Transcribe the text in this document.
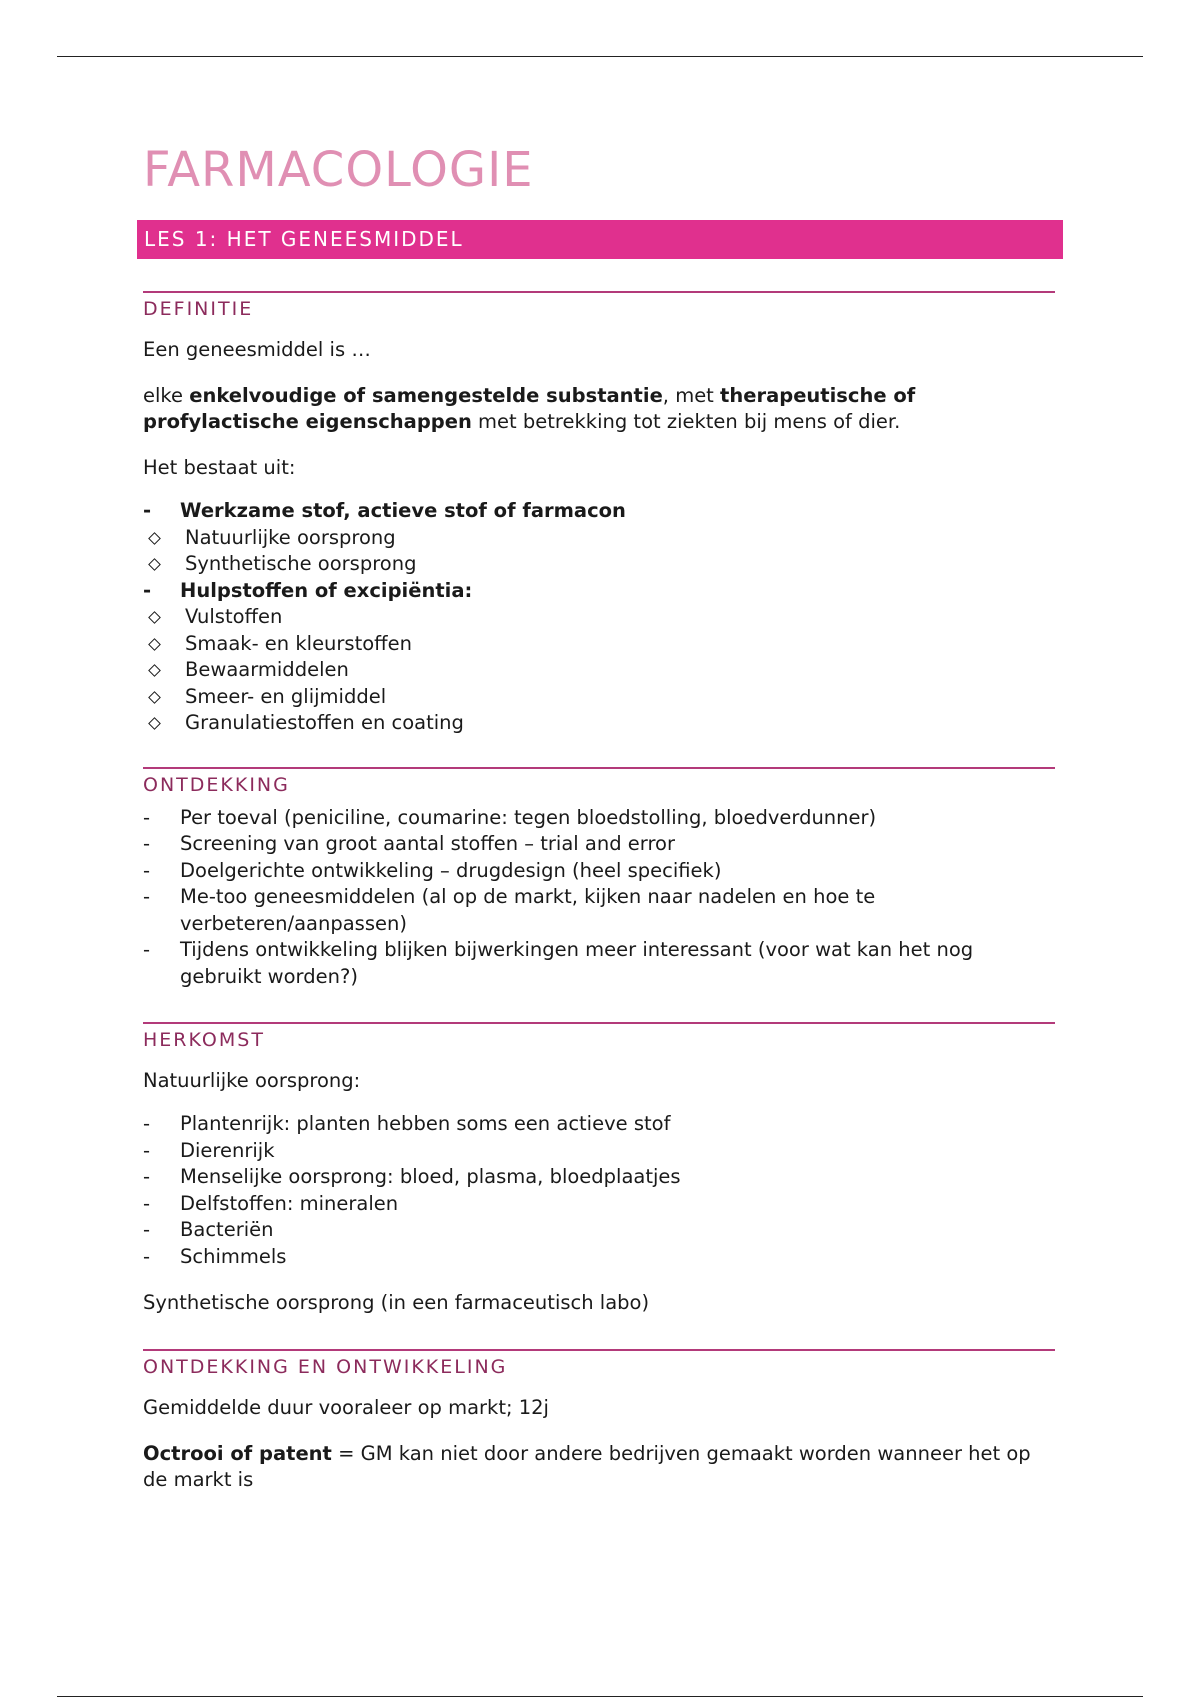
FARMACOLOGIE
LES 1: HET GENEESMIDDEL
DEFINITIE

Een geneesmiddel is …

elke enkelvoudige of samengestelde substantie, met therapeutische of profylactische eigenschappen met betrekking tot ziekten bij mens of dier.

Het bestaat uit:

-	Werkzame stof, actieve stof of farmacon
Natuurlijke oorsprong
Synthetische oorsprong
-	Hulpstoffen of excipiëntia:
Vulstoffen
Smaak- en kleurstoffen
Bewaarmiddelen
Smeer- en glijmiddel
Granulatiestoffen en coating
ONTDEKKING
-	Per toeval (peniciline, coumarine: tegen bloedstolling, bloedverdunner)
-	Screening van groot aantal stoffen – trial and error
-	Doelgerichte ontwikkeling – drugdesign (heel specifiek)
-	Me-too geneesmiddelen (al op de markt, kijken naar nadelen en hoe te verbeteren/aanpassen)
-	Tijdens ontwikkeling blijken bijwerkingen meer interessant (voor wat kan het nog gebruikt worden?)
HERKOMST

Natuurlijke oorsprong:

-	Plantenrijk: planten hebben soms een actieve stof
-	Dierenrijk
-	Menselijke oorsprong: bloed, plasma, bloedplaatjes
-	Delfstoffen: mineralen
-	Bacteriën
-	Schimmels

Synthetische oorsprong (in een farmaceutisch labo)

ONTDEKKING EN ONTWIKKELING

Gemiddelde duur vooraleer op markt; 12j

Octrooi of patent = GM kan niet door andere bedrijven gemaakt worden wanneer het op de markt is
